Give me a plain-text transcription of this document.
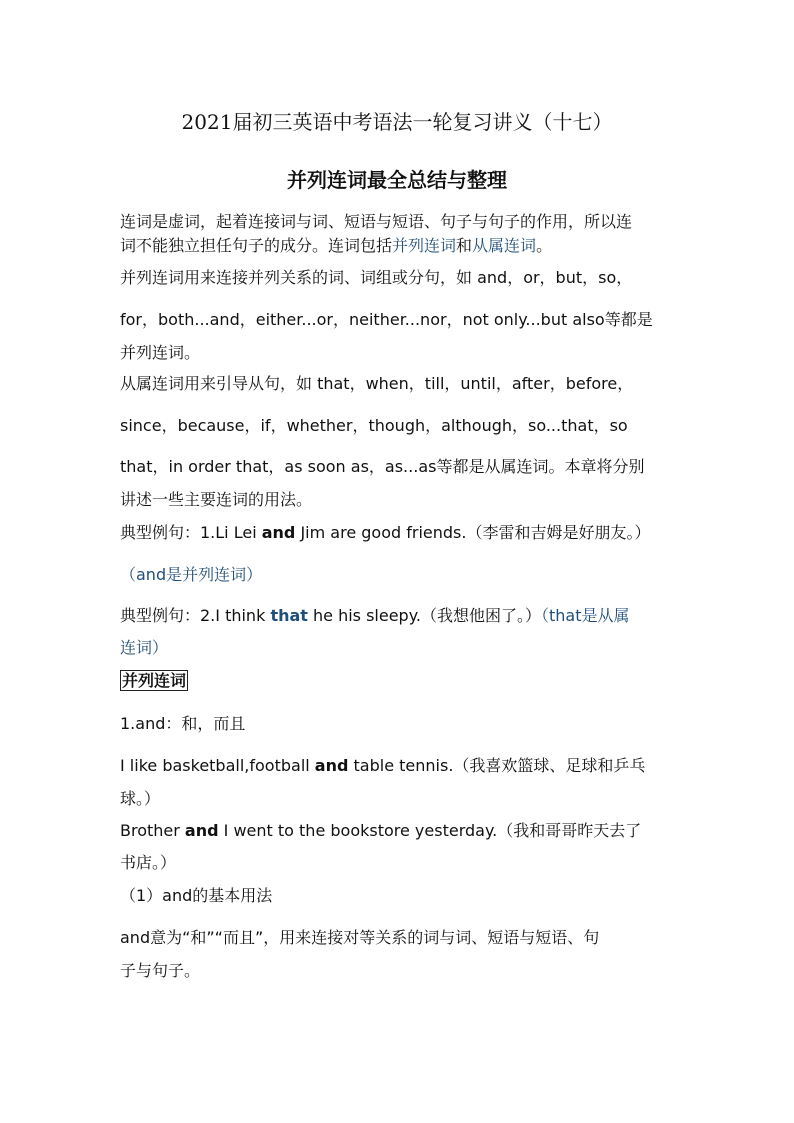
2021届初三英语中考语法一轮复习讲义（十七）
并列连词最全总结与整理
连词是虚词，起着连接词与词、短语与短语、句子与句子的作用，所以连
词不能独立担任句子的成分。连词包括并列连词和从属连词。
并列连词用来连接并列关系的词、词组或分句，如 and，or，but，so，
for，both...and，either...or，neither...nor，not only...but also等都是
并列连词。
从属连词用来引导从句，如 that，when，till，until，after，before，
since，because，if，whether，though，although，so...that，so
that，in order that，as soon as，as...as等都是从属连词。本章将分别
讲述一些主要连词的用法。
典型例句：1.Li Lei and Jim are good friends.（李雷和吉姆是好朋友。）
（and是并列连词）
典型例句：2.I think that he his sleepy.（我想他困了。）（that是从属
连词）
并列连词
1.and：和，而且
I like basketball,football and table tennis.（我喜欢篮球、足球和乒乓
球。）
Brother and I went to the bookstore yesterday.（我和哥哥昨天去了
书店。）
（1）and的基本用法
and意为“和”“而且”，用来连接对等关系的词与词、短语与短语、句
子与句子。
